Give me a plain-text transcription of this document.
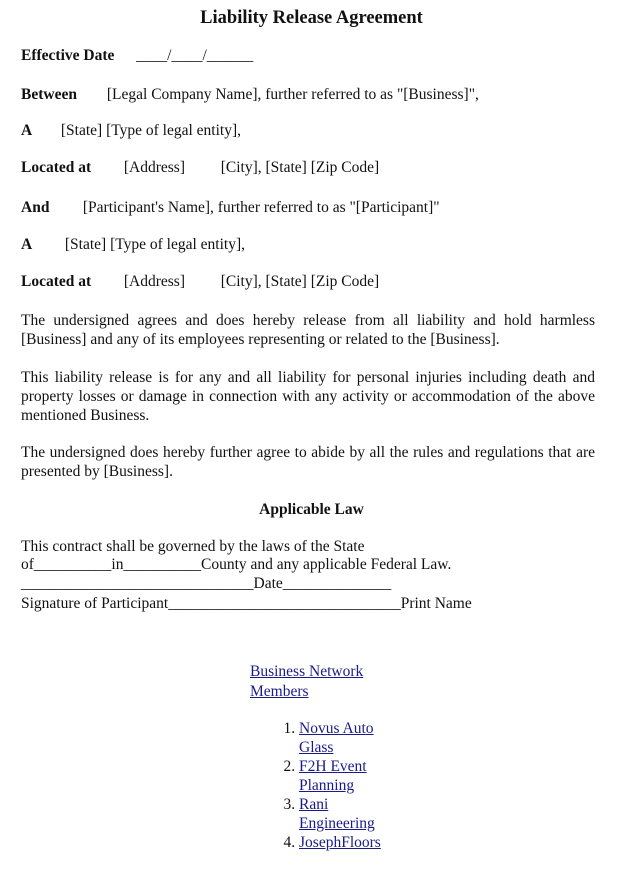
Liability Release Agreement
Effective Date ____/____/______
Between [Legal Company Name], further referred to as "[Business]",
A [State] [Type of legal entity],
Located at [Address] [City], [State] [Zip Code]
And [Participant's Name], further referred to as "[Participant]"
A [State] [Type of legal entity],
Located at [Address] [City], [State] [Zip Code]
The undersigned agrees and does hereby release from all liability and hold harmless [Business] and any of its employees representing or related to the [Business].
This liability release is for any and all liability for personal injuries including death and property losses or damage in connection with any activity or accommodation of the above mentioned Business.
The undersigned does hereby further agree to abide by all the rules and regulations that are presented by [Business].
Applicable Law
This contract shall be governed by the laws of the State
of__________in__________County and any applicable Federal Law.
______________________________Date______________
Signature of Participant______________________________Print Name
Business Network Members
1. Novus Auto Glass
2. F2H Event Planning
3. Rani Engineering
4. JosephFloors
